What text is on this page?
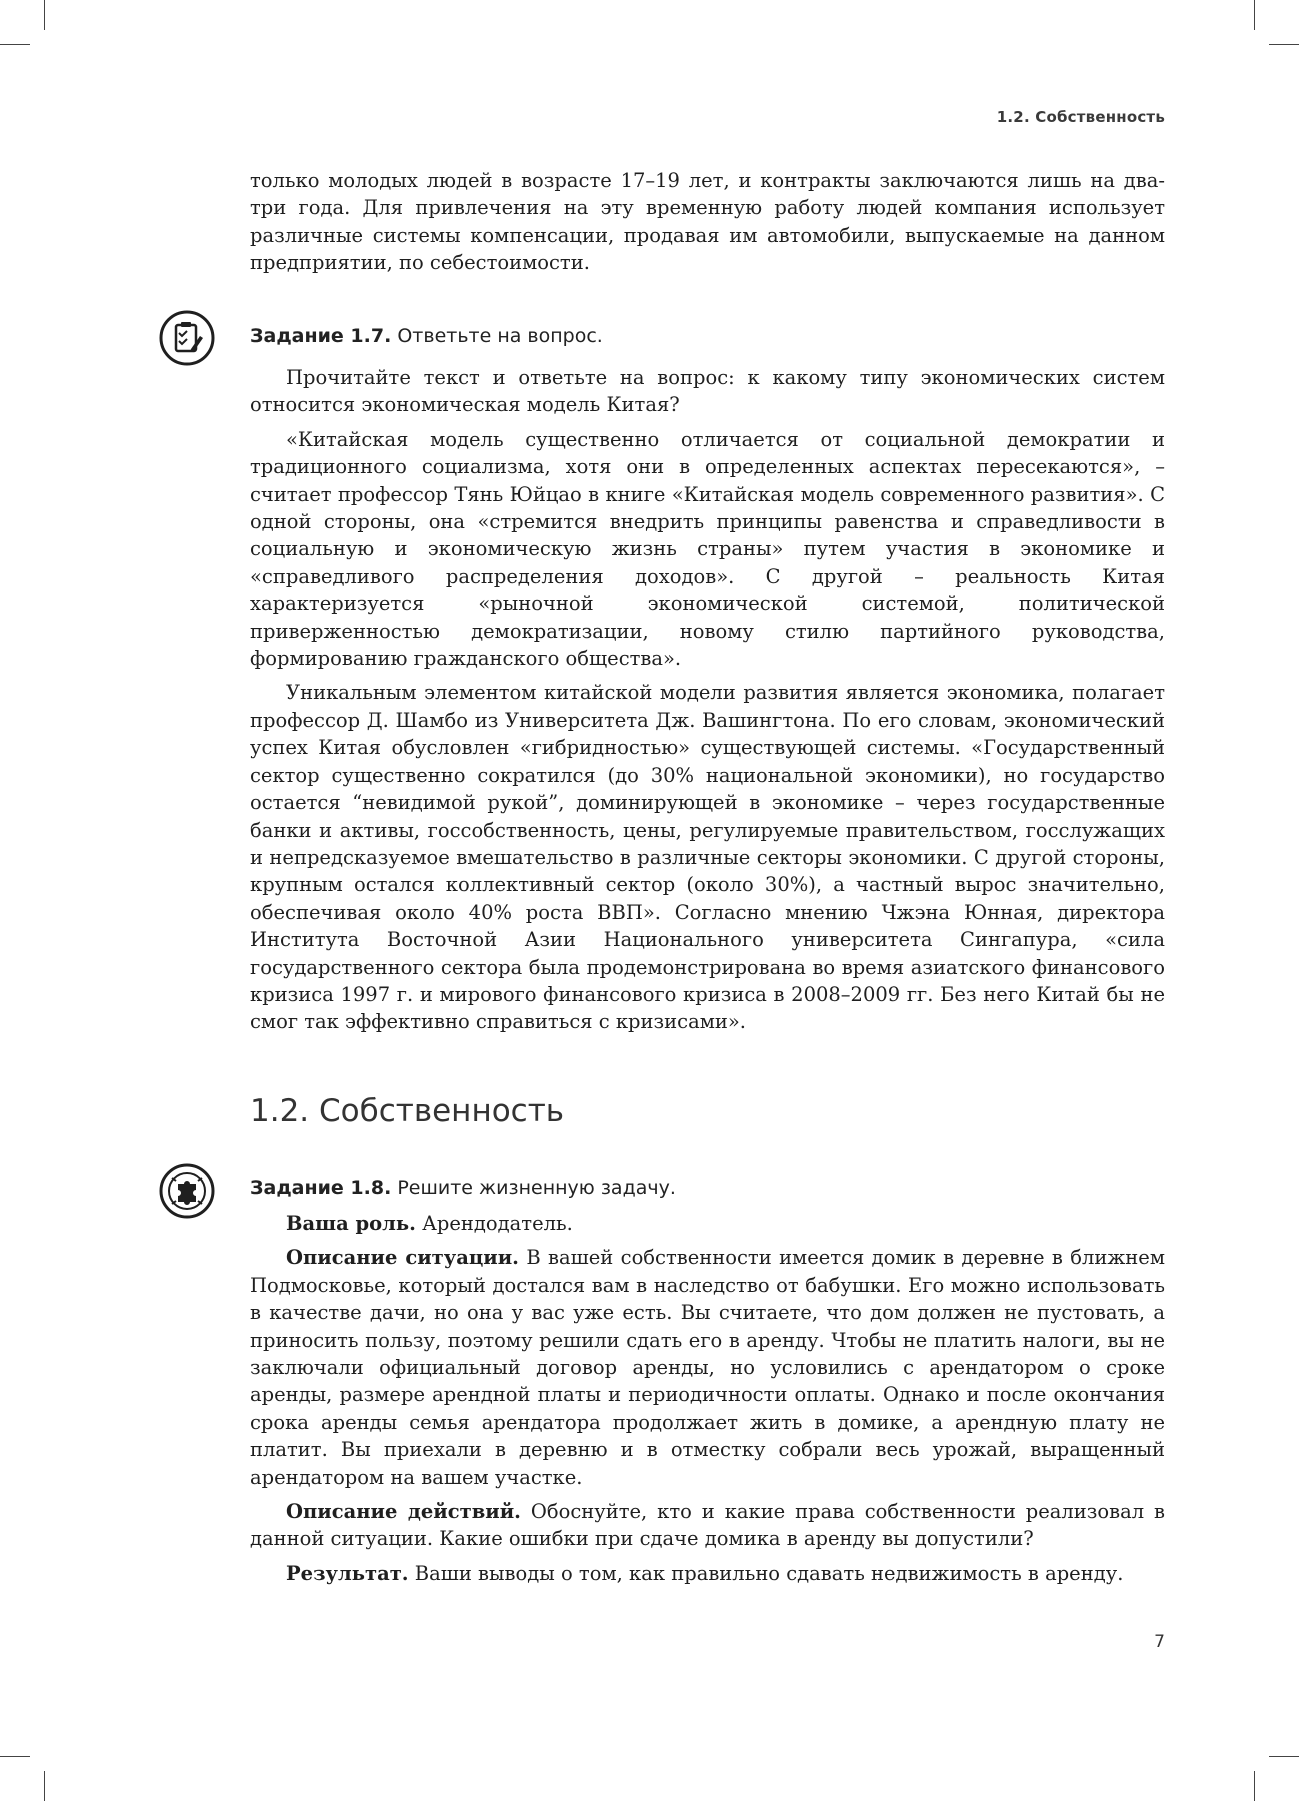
1.2. Собственность

только молодых людей в возрасте 17–19 лет, и контракты заключаются лишь на два-три года. Для привлечения на эту временную работу людей компания использует различные системы компенсации, продавая им автомобили, выпускаемые на данном предприятии, по себестоимости.

Задание 1.7. Ответьте на вопрос.

Прочитайте текст и ответьте на вопрос: к какому типу экономических систем относится экономическая модель Китая?

«Китайская модель существенно отличается от социальной демократии и традиционного социализма, хотя они в определенных аспектах пересекаются», – считает профессор Тянь Юйцао в книге «Китайская модель современного развития». С одной стороны, она «стремится внедрить принципы равенства и справедливости в социальную и экономическую жизнь страны» путем участия в экономике и «справедливого распределения доходов». С другой – реальность Китая характеризуется «рыночной экономической системой, политической приверженностью демократизации, новому стилю партийного руководства, формированию гражданского общества».

Уникальным элементом китайской модели развития является экономика, полагает профессор Д. Шамбо из Университета Дж. Вашингтона. По его словам, экономический успех Китая обусловлен «гибридностью» существующей системы. «Государственный сектор существенно сократился (до 30% национальной экономики), но государство остается “невидимой рукой”, доминирующей в экономике – через государственные банки и активы, госсобственность, цены, регулируемые правительством, госслужащих и непредсказуемое вмешательство в различные секторы экономики. С другой стороны, крупным остался коллективный сектор (около 30%), а частный вырос значительно, обеспечивая около 40% роста ВВП». Согласно мнению Чжэна Юнная, директора Института Восточной Азии Национального университета Сингапура, «сила государственного сектора была продемонстрирована во время азиатского финансового кризиса 1997 г. и мирового финансового кризиса в 2008–2009 гг. Без него Китай бы не смог так эффективно справиться с кризисами».

1.2. Собственность
Задание 1.8. Решите жизненную задачу.

Ваша роль. Арендодатель.

Описание ситуации. В вашей собственности имеется домик в деревне в ближнем Подмосковье, который достался вам в наследство от бабушки. Его можно использовать в качестве дачи, но она у вас уже есть. Вы считаете, что дом должен не пустовать, а приносить пользу, поэтому решили сдать его в аренду. Чтобы не платить налоги, вы не заключали официальный договор аренды, но условились с арендатором о сроке аренды, размере арендной платы и периодичности оплаты. Однако и после окончания срока аренды семья арендатора продолжает жить в домике, а арендную плату не платит. Вы приехали в деревню и в отместку собрали весь урожай, выращенный арендатором на вашем участке.

Описание действий. Обоснуйте, кто и какие права собственности реализовал в данной ситуации. Какие ошибки при сдаче домика в аренду вы допустили?

Результат. Ваши выводы о том, как правильно сдавать недвижимость в аренду.

7
